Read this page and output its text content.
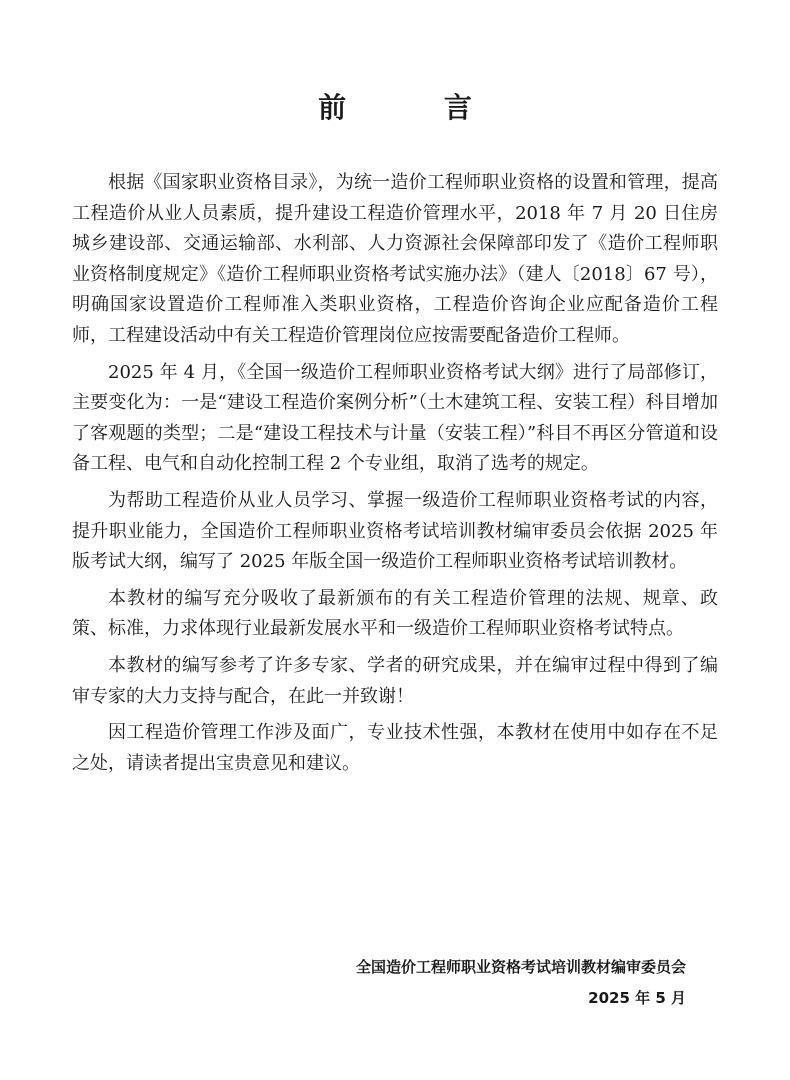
前 言

根据《国家职业资格目录》，为统一造价工程师职业资格的设置和管理，提高工程造价从业人员素质，提升建设工程造价管理水平，2018 年 7 月 20 日住房城乡建设部、交通运输部、水利部、人力资源社会保障部印发了《造价工程师职业资格制度规定》《造价工程师职业资格考试实施办法》（建人〔2018〕67 号），明确国家设置造价工程师准入类职业资格，工程造价咨询企业应配备造价工程师，工程建设活动中有关工程造价管理岗位应按需要配备造价工程师。

2025 年 4 月，《全国一级造价工程师职业资格考试大纲》进行了局部修订，主要变化为：一是“建设工程造价案例分析”（土木建筑工程、安装工程）科目增加了客观题的类型；二是“建设工程技术与计量（安装工程）”科目不再区分管道和设备工程、电气和自动化控制工程 2 个专业组，取消了选考的规定。

为帮助工程造价从业人员学习、掌握一级造价工程师职业资格考试的内容，提升职业能力，全国造价工程师职业资格考试培训教材编审委员会依据 2025 年版考试大纲，编写了 2025 年版全国一级造价工程师职业资格考试培训教材。

本教材的编写充分吸收了最新颁布的有关工程造价管理的法规、规章、政策、标准，力求体现行业最新发展水平和一级造价工程师职业资格考试特点。

本教材的编写参考了许多专家、学者的研究成果，并在编审过程中得到了编审专家的大力支持与配合，在此一并致谢！

因工程造价管理工作涉及面广，专业技术性强，本教材在使用中如存在不足之处，请读者提出宝贵意见和建议。

全国造价工程师职业资格考试培训教材编审委员会
2025 年 5 月
